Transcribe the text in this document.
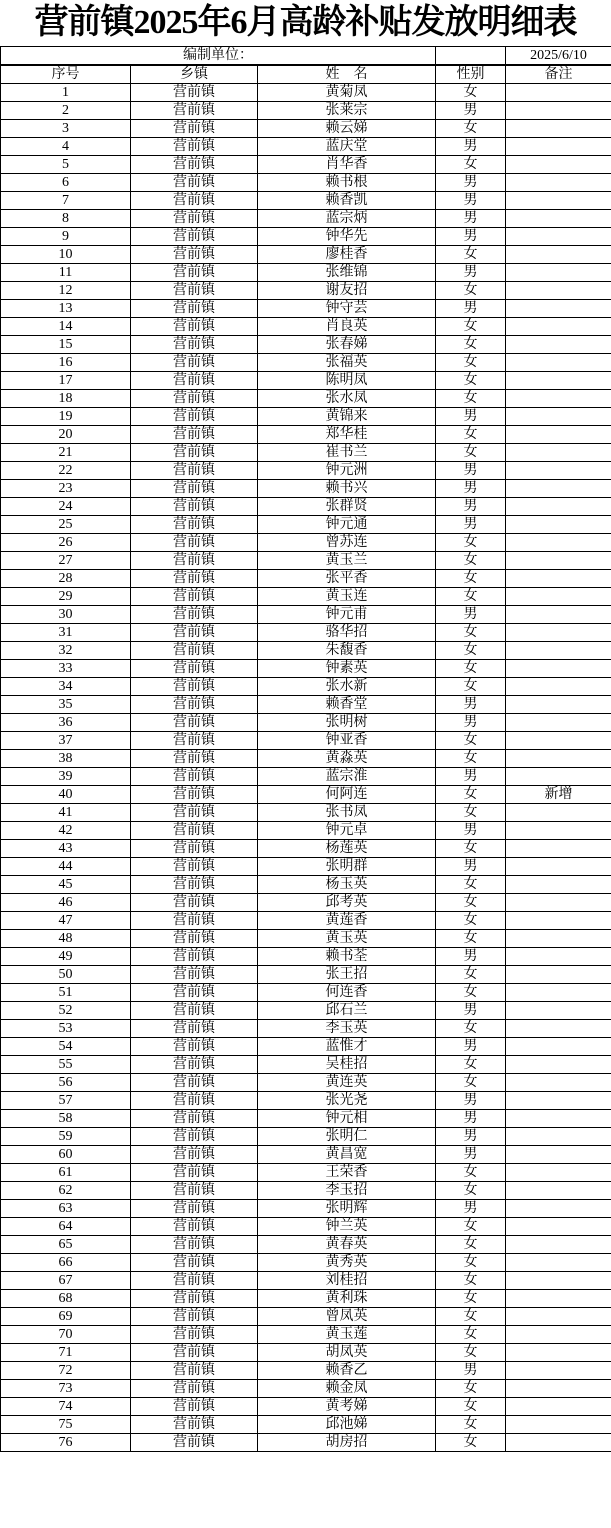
营前镇2025年6月高龄补贴发放明细表
编制单位：				2025/6/10
序号	乡镇	姓　名	性别	备注
1	营前镇	黄菊凤	女	
2	营前镇	张莱宗	男	
3	营前镇	赖云娣	女	
4	营前镇	蓝庆堂	男	
5	营前镇	肖华香	女	
6	营前镇	赖书根	男	
7	营前镇	赖香凯	男	
8	营前镇	蓝宗炳	男	
9	营前镇	钟华先	男	
10	营前镇	廖桂香	女	
11	营前镇	张维锦	男	
12	营前镇	谢友招	女	
13	营前镇	钟守芸	男	
14	营前镇	肖良英	女	
15	营前镇	张春娣	女	
16	营前镇	张福英	女	
17	营前镇	陈明凤	女	
18	营前镇	张水凤	女	
19	营前镇	黄锦来	男	
20	营前镇	郑华桂	女	
21	营前镇	崔书兰	女	
22	营前镇	钟元洲	男	
23	营前镇	赖书兴	男	
24	营前镇	张群贤	男	
25	营前镇	钟元通	男	
26	营前镇	曾苏连	女	
27	营前镇	黄玉兰	女	
28	营前镇	张平香	女	
29	营前镇	黄玉连	女	
30	营前镇	钟元甫	男	
31	营前镇	骆华招	女	
32	营前镇	朱馥香	女	
33	营前镇	钟素英	女	
34	营前镇	张水新	女	
35	营前镇	赖香堂	男	
36	营前镇	张明树	男	
37	营前镇	钟亚香	女	
38	营前镇	黄淼英	女	
39	营前镇	蓝宗淮	男	
40	营前镇	何阿连	女	新增
41	营前镇	张书凤	女	
42	营前镇	钟元卓	男	
43	营前镇	杨莲英	女	
44	营前镇	张明群	男	
45	营前镇	杨玉英	女	
46	营前镇	邱考英	女	
47	营前镇	黄莲香	女	
48	营前镇	黄玉英	女	
49	营前镇	赖书荃	男	
50	营前镇	张王招	女	
51	营前镇	何连香	女	
52	营前镇	邱石兰	男	
53	营前镇	李玉英	女	
54	营前镇	蓝惟才	男	
55	营前镇	吴桂招	女	
56	营前镇	黄连英	女	
57	营前镇	张光尧	男	
58	营前镇	钟元相	男	
59	营前镇	张明仁	男	
60	营前镇	黄昌宽	男	
61	营前镇	王荣香	女	
62	营前镇	李玉招	女	
63	营前镇	张明辉	男	
64	营前镇	钟兰英	女	
65	营前镇	黄春英	女	
66	营前镇	黄秀英	女	
67	营前镇	刘桂招	女	
68	营前镇	黄利珠	女	
69	营前镇	曾凤英	女	
70	营前镇	黄玉莲	女	
71	营前镇	胡凤英	女	
72	营前镇	赖香乙	男	
73	营前镇	赖金凤	女	
74	营前镇	黄考娣	女	
75	营前镇	邱池娣	女	
76	营前镇	胡房招	女	
